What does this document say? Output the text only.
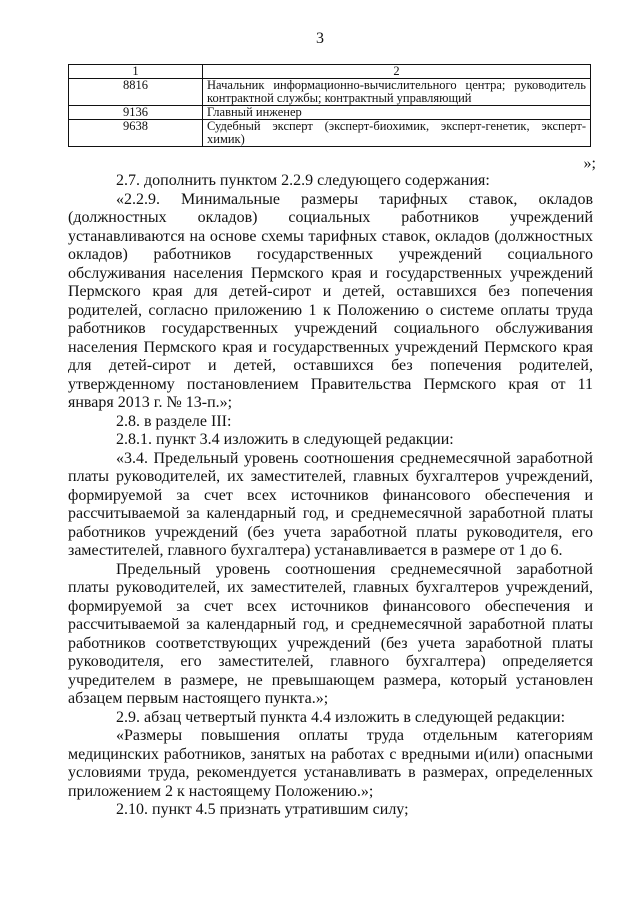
3
1	2
8816	Начальник информационно-вычислительного центра; руководитель контрактной службы; контрактный управляющий
9136	Главный инженер
9638	Судебный эксперт (эксперт-биохимик, эксперт-генетик, эксперт-химик)
»;

2.7. дополнить пунктом 2.2.9 следующего содержания:

«2.2.9. Минимальные размеры тарифных ставок, окладов (должностных окладов) социальных работников учреждений устанавливаются на основе схемы тарифных ставок, окладов (должностных окладов) работников государственных учреждений социального обслуживания населения Пермского края и государственных учреждений Пермского края для детей-сирот и детей, оставшихся без попечения родителей, согласно приложению 1 к Положению о системе оплаты труда работников государственных учреждений социального обслуживания населения Пермского края и государственных учреждений Пермского края для детей-сирот и детей, оставшихся без попечения родителей, утвержденному постановлением Правительства Пермского края от 11 января 2013 г. № 13-п.»;

2.8. в разделе III:

2.8.1. пункт 3.4 изложить в следующей редакции:

«3.4. Предельный уровень соотношения среднемесячной заработной платы руководителей, их заместителей, главных бухгалтеров учреждений, формируемой за счет всех источников финансового обеспечения и рассчитываемой за календарный год, и среднемесячной заработной платы работников учреждений (без учета заработной платы руководителя, его заместителей, главного бухгалтера) устанавливается в размере от 1 до 6.

Предельный уровень соотношения среднемесячной заработной платы руководителей, их заместителей, главных бухгалтеров учреждений, формируемой за счет всех источников финансового обеспечения и рассчитываемой за календарный год, и среднемесячной заработной платы работников соответствующих учреждений (без учета заработной платы руководителя, его заместителей, главного бухгалтера) определяется учредителем в размере, не превышающем размера, который установлен абзацем первым настоящего пункта.»;

2.9. абзац четвертый пункта 4.4 изложить в следующей редакции:

«Размеры повышения оплаты труда отдельным категориям медицинских работников, занятых на работах с вредными и(или) опасными условиями труда, рекомендуется устанавливать в размерах, определенных приложением 2 к настоящему Положению.»;

2.10. пункт 4.5 признать утратившим силу;
